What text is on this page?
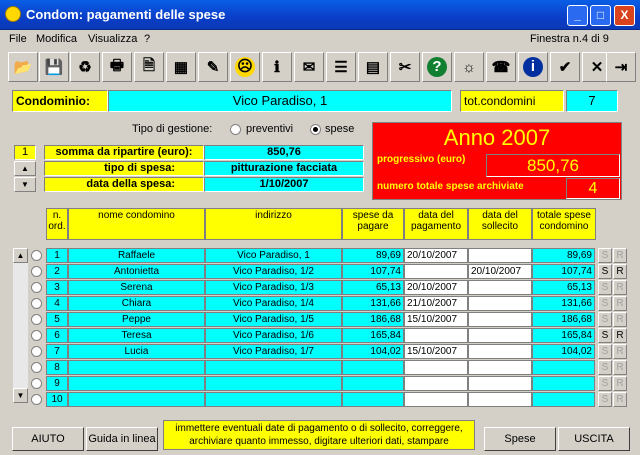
Condom: pagamenti delle spese	_	□	X
File Modifica Visualizza ?	Finestra n.4 di 9
📂 💾 ♻	🖶	🗎	▦	✎	☹	ℹ	✉	☰	▤	✂	?	☼	☎	i	✔	✕ ⇥
Condominio:	Vico Paradiso, 1	tot.condomini	7
Tipo di gestione:	preventivi	spese	Anno 2007
progressivo (euro)	850,76
numero totale spese archiviate	4
1
▲
▼
somma da ripartire (euro):	850,76
tipo di spesa:	pitturazione facciata
data della spesa:	1/10/2007
n. ord.
nome condomino	indirizzo	spese da pagare
data del pagamento
data del sollecito
totale spese condomino
▲
▼
1	Raffaele	Vico Paradiso, 1	89,69 20/10/2007	89,69 S R
2	Antonietta	Vico Paradiso, 1/2	107,74	20/10/2007	107,74 S R
3	Serena	Vico Paradiso, 1/3	65,13 20/10/2007	65,13 S R
4	Chiara	Vico Paradiso, 1/4	131,66 21/10/2007	131,66 S R
5	Peppe	Vico Paradiso, 1/5	186,68 15/10/2007	186,68 S R
6	Teresa	Vico Paradiso, 1/6	165,84	165,84 S R
7	Lucia	Vico Paradiso, 1/7	104,02 15/10/2007	104,02 S R
8	S R
9	S R
10	S R
AIUTO	Guida in linea
immettere eventuali date di pagamento o di sollecito, correggere, archiviare quanto immesso, digitare ulteriori dati, stampare	Spese	USCITA
